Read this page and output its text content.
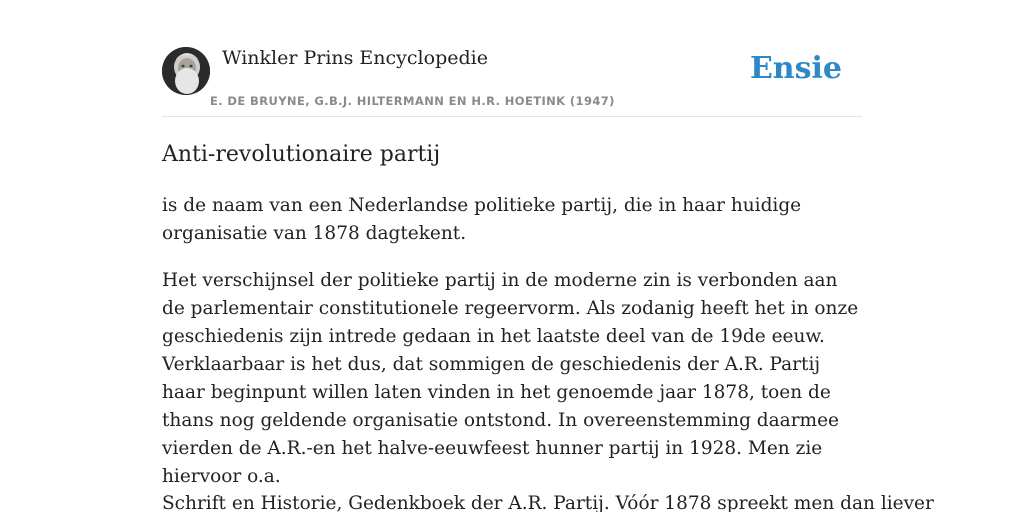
Winkler Prins Encyclopedie
E. DE BRUYNE, G.B.J. HILTERMANN EN H.R. HOETINK (1947)
Ensie
Anti-revolutionaire partij

is de naam van een Nederlandse politieke partij, die in haar huidige organisatie van 1878 dagtekent.

Het verschijnsel der politieke partij in de moderne zin is verbonden aan de parlementair constitutionele regeervorm. Als zodanig heeft het in onze geschiedenis zijn intrede gedaan in het laatste deel van de 19de eeuw. Verklaarbaar is het dus, dat sommigen de geschiedenis der A.R. Partij haar beginpunt willen laten vinden in het genoemde jaar 1878, toen de thans nog geldende organisatie ontstond. In overeenstemming daarmee vierden de A.R.-en het halve-eeuwfeest hunner partij in 1928. Men zie hiervoor o.a.

Schrift en Historie, Gedenkboek der A.R. Partij. Vóór 1878 spreekt men dan liever
